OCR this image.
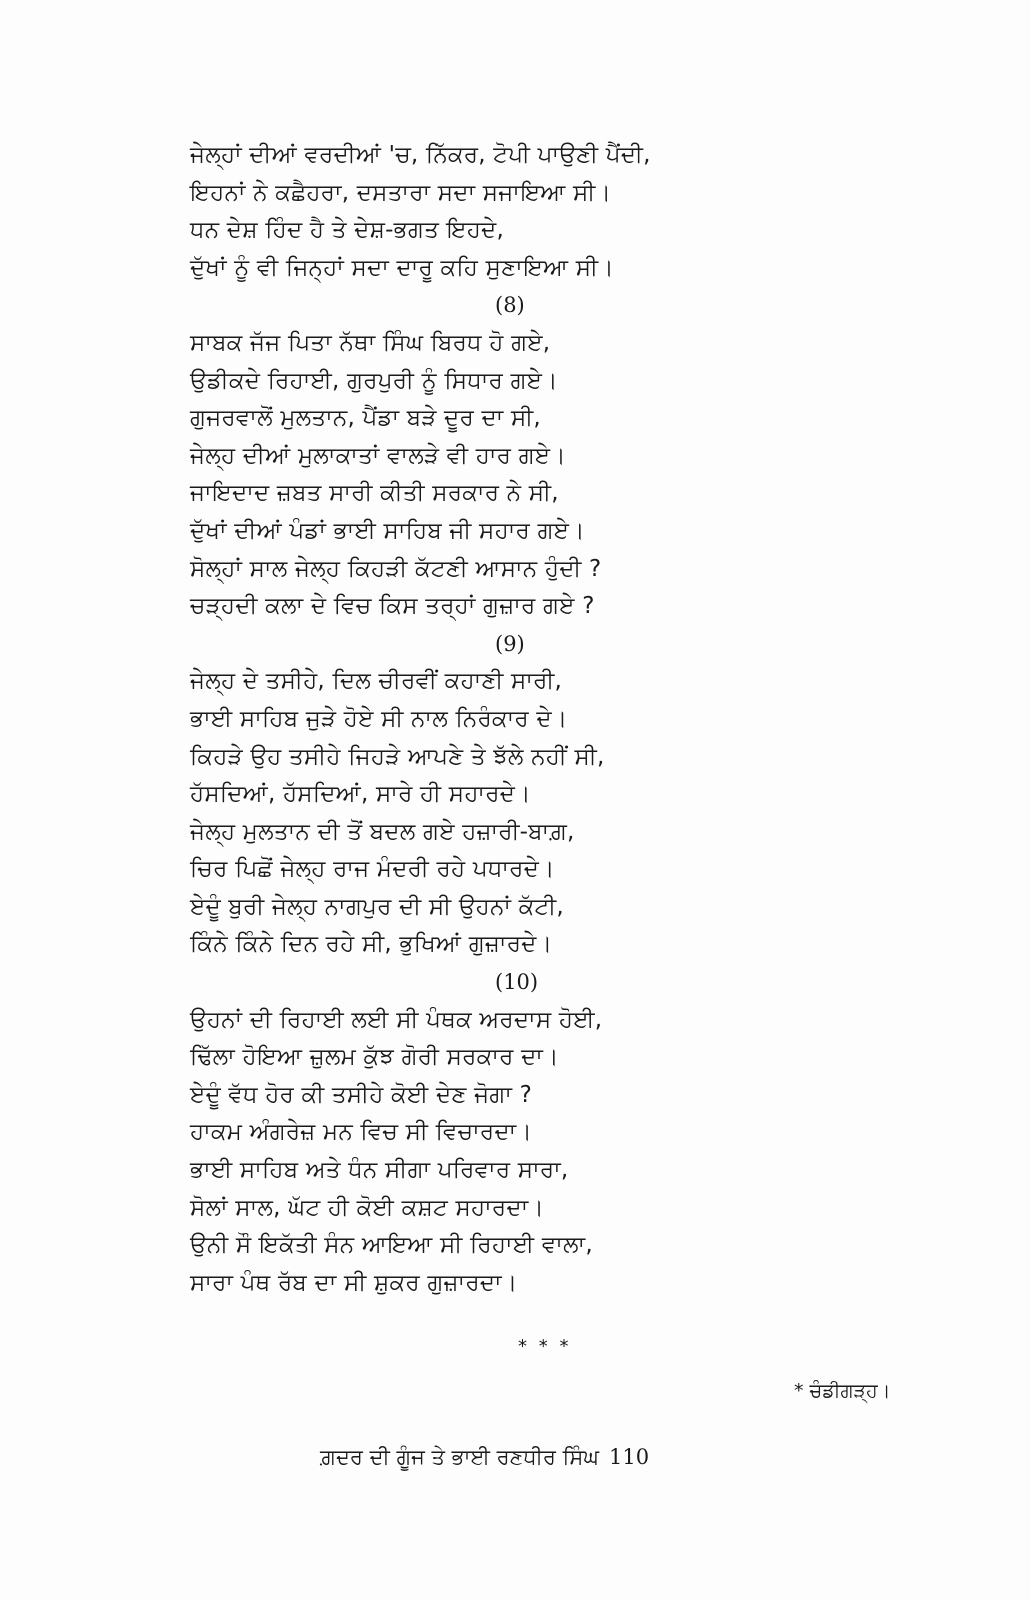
ਜੇਲ੍ਹਾਂ ਦੀਆਂ ਵਰਦੀਆਂ 'ਚ, ਨਿੱਕਰ, ਟੋਪੀ ਪਾਉਣੀ ਪੈਂਦੀ,
ਇਹਨਾਂ ਨੇ ਕਛੈਹਰਾ, ਦਸਤਾਰਾ ਸਦਾ ਸਜਾਇਆ ਸੀ।
ਧਨ ਦੇਸ਼ ਹਿੰਦ ਹੈ ਤੇ ਦੇਸ਼-ਭਗਤ ਇਹਦੇ,
ਦੁੱਖਾਂ ਨੂੰ ਵੀ ਜਿਨ੍ਹਾਂ ਸਦਾ ਦਾਰੂ ਕਹਿ ਸੁਣਾਇਆ ਸੀ।
(8)
ਸਾਬਕ ਜੱਜ ਪਿਤਾ ਨੱਥਾ ਸਿੰਘ ਬਿਰਧ ਹੋ ਗਏ,
ਉਡੀਕਦੇ ਰਿਹਾਈ, ਗੁਰਪੁਰੀ ਨੂੰ ਸਿਧਾਰ ਗਏ।
ਗੁਜਰਵਾਲੋਂ ਮੁਲਤਾਨ, ਪੈਂਡਾ ਬੜੇ ਦੂਰ ਦਾ ਸੀ,
ਜੇਲ੍ਹ ਦੀਆਂ ਮੁਲਾਕਾਤਾਂ ਵਾਲੜੇ ਵੀ ਹਾਰ ਗਏ।
ਜਾਇਦਾਦ ਜ਼ਬਤ ਸਾਰੀ ਕੀਤੀ ਸਰਕਾਰ ਨੇ ਸੀ,
ਦੁੱਖਾਂ ਦੀਆਂ ਪੰਡਾਂ ਭਾਈ ਸਾਹਿਬ ਜੀ ਸਹਾਰ ਗਏ।
ਸੋਲ੍ਹਾਂ ਸਾਲ ਜੇਲ੍ਹ ਕਿਹੜੀ ਕੱਟਣੀ ਆਸਾਨ ਹੁੰਦੀ ?
ਚੜ੍ਹਦੀ ਕਲਾ ਦੇ ਵਿਚ ਕਿਸ ਤਰ੍ਹਾਂ ਗੁਜ਼ਾਰ ਗਏ ?
(9)
ਜੇਲ੍ਹ ਦੇ ਤਸੀਹੇ, ਦਿਲ ਚੀਰਵੀਂ ਕਹਾਣੀ ਸਾਰੀ,
ਭਾਈ ਸਾਹਿਬ ਜੁੜੇ ਹੋਏ ਸੀ ਨਾਲ ਨਿਰੰਕਾਰ ਦੇ।
ਕਿਹੜੇ ਉਹ ਤਸੀਹੇ ਜਿਹੜੇ ਆਪਣੇ ਤੇ ਝੱਲੇ ਨਹੀਂ ਸੀ,
ਹੱਸਦਿਆਂ, ਹੱਸਦਿਆਂ, ਸਾਰੇ ਹੀ ਸਹਾਰਦੇ।
ਜੇਲ੍ਹ ਮੁਲਤਾਨ ਦੀ ਤੋਂ ਬਦਲ ਗਏ ਹਜ਼ਾਰੀ-ਬਾਗ਼,
ਚਿਰ ਪਿਛੋਂ ਜੇਲ੍ਹ ਰਾਜ ਮੰਦਰੀ ਰਹੇ ਪਧਾਰਦੇ।
ਏਦੂੰ ਬੁਰੀ ਜੇਲ੍ਹ ਨਾਗਪੁਰ ਦੀ ਸੀ ਉਹਨਾਂ ਕੱਟੀ,
ਕਿੰਨੇ ਕਿੰਨੇ ਦਿਨ ਰਹੇ ਸੀ, ਭੁਖਿਆਂ ਗੁਜ਼ਾਰਦੇ।
(10)
ਉਹਨਾਂ ਦੀ ਰਿਹਾਈ ਲਈ ਸੀ ਪੰਥਕ ਅਰਦਾਸ ਹੋਈ,
ਢਿੱਲਾ ਹੋਇਆ ਜ਼ੁਲਮ ਕੁੱਝ ਗੋਰੀ ਸਰਕਾਰ ਦਾ।
ਏਦੂੰ ਵੱਧ ਹੋਰ ਕੀ ਤਸੀਹੇ ਕੋਈ ਦੇਣ ਜੋਗਾ ?
ਹਾਕਮ ਅੰਗਰੇਜ਼ ਮਨ ਵਿਚ ਸੀ ਵਿਚਾਰਦਾ।
ਭਾਈ ਸਾਹਿਬ ਅਤੇ ਧੰਨ ਸੀਗਾ ਪਰਿਵਾਰ ਸਾਰਾ,
ਸੋਲਾਂ ਸਾਲ, ਘੱਟ ਹੀ ਕੋਈ ਕਸ਼ਟ ਸਹਾਰਦਾ।
ਉਨੀ ਸੌ ਇਕੱਤੀ ਸੰਨ ਆਇਆ ਸੀ ਰਿਹਾਈ ਵਾਲਾ,
ਸਾਰਾ ਪੰਥ ਰੱਬ ਦਾ ਸੀ ਸ਼ੁਕਰ ਗੁਜ਼ਾਰਦਾ।
* * *
* ਚੰਡੀਗੜ੍ਹ।
ਗ਼ਦਰ ਦੀ ਗੂੰਜ ਤੇ ਭਾਈ ਰਣਧੀਰ ਸਿੰਘ 110
